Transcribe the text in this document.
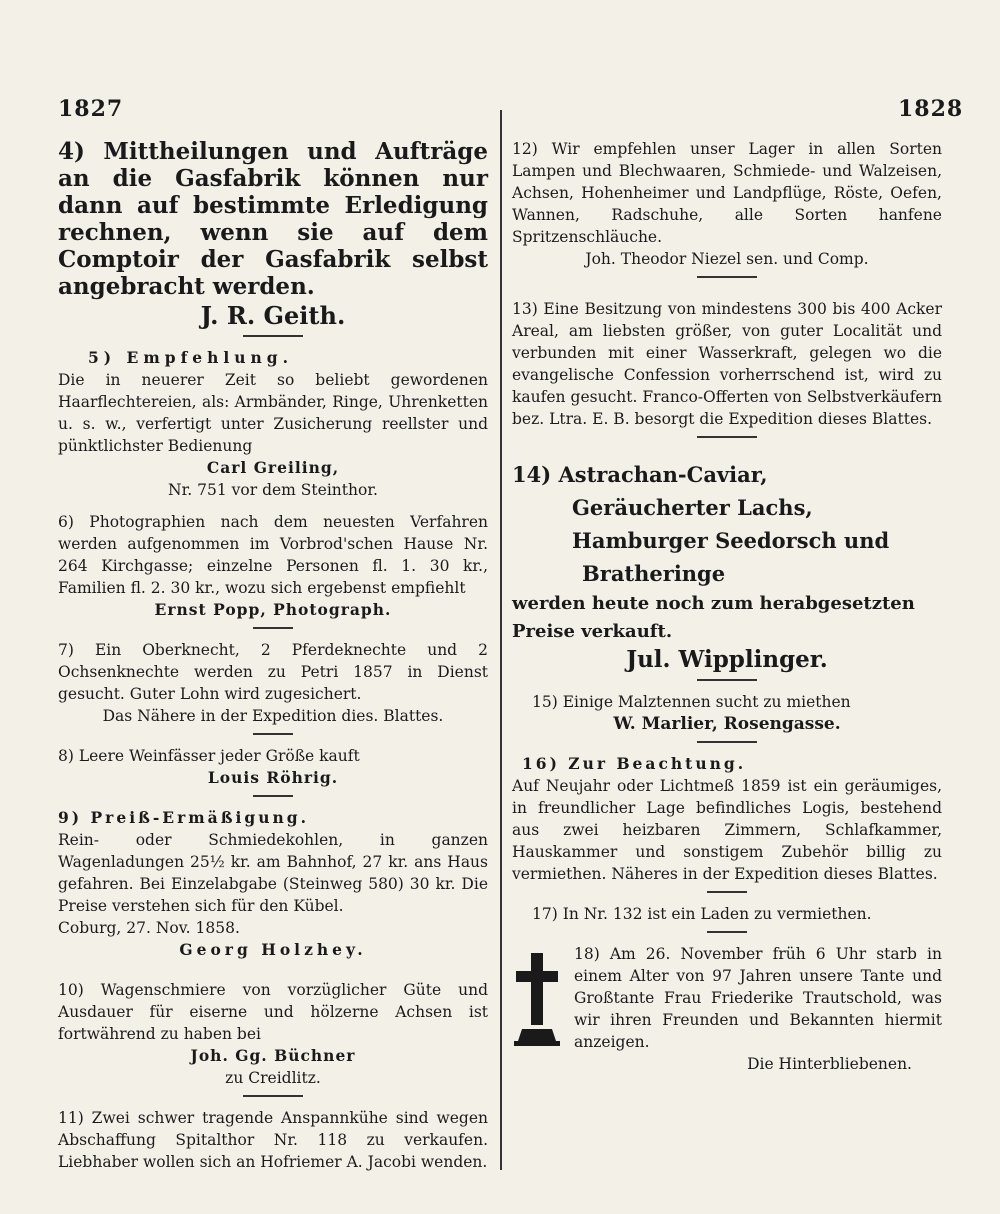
1827	1828
4) Mittheilungen und Aufträge an die Gasfabrik können nur dann auf bestimmte Erledigung rechnen, wenn sie auf dem Comptoir der Gasfabrik selbst angebracht werden.
J. R. Geith.
5) Empfehlung.
Die in neuerer Zeit so beliebt gewordenen Haarflechtereien, als: Armbänder, Ringe, Uhrenketten u. s. w., verfertigt unter Zusicherung reellster und pünktlichster Bedienung
Carl Greiling,
Nr. 751 vor dem Steinthor.
6) Photographien nach dem neuesten Verfahren werden aufgenommen im Vorbrod'schen Hause Nr. 264 Kirchgasse; einzelne Personen fl. 1. 30 kr., Familien fl. 2. 30 kr., wozu sich ergebenst empfiehlt
Ernst Popp, Photograph.
7) Ein Oberknecht, 2 Pferdeknechte und 2 Ochsenknechte werden zu Petri 1857 in Dienst gesucht. Guter Lohn wird zugesichert.
Das Nähere in der Expedition dies. Blattes.
8) Leere Weinfässer jeder Größe kauft
Louis Röhrig.
9) Preiß-Ermäßigung.
Rein- oder Schmiedekohlen, in ganzen Wagenladungen 25½ kr. am Bahnhof, 27 kr. ans Haus gefahren. Bei Einzelabgabe (Steinweg 580) 30 kr. Die Preise verstehen sich für den Kübel.
Coburg, 27. Nov. 1858.
Georg Holzhey.
10) Wagenschmiere von vorzüglicher Güte und Ausdauer für eiserne und hölzerne Achsen ist fortwährend zu haben bei
Joh. Gg. Büchner
zu Creidlitz.
11) Zwei schwer tragende Anspannkühe sind wegen Abschaffung Spitalthor Nr. 118 zu verkaufen. Liebhaber wollen sich an Hofriemer A. Jacobi wenden.
12) Wir empfehlen unser Lager in allen Sorten Lampen und Blechwaaren, Schmiede- und Walzeisen, Achsen, Hohenheimer und Landpflüge, Röste, Oefen, Wannen, Radschuhe, alle Sorten hanfene Spritzenschläuche.
Joh. Theodor Niezel sen. und Comp.
13) Eine Besitzung von mindestens 300 bis 400 Acker Areal, am liebsten größer, von guter Localität und verbunden mit einer Wasserkraft, gelegen wo die evangelische Confession vorherrschend ist, wird zu kaufen gesucht. Franco-Offerten von Selbstverkäufern bez. Ltra. E. B. besorgt die Expedition dieses Blattes.
14) Astrachan-Caviar,
Geräucherter Lachs,
Hamburger Seedorsch und
Bratheringe
werden heute noch zum herabgesetzten
Preise verkauft.
Jul. Wipplinger.
15) Einige Malztennen sucht zu miethen
W. Marlier, Rosengasse.
16) Zur Beachtung.
Auf Neujahr oder Lichtmeß 1859 ist ein geräumiges, in freundlicher Lage befindliches Logis, bestehend aus zwei heizbaren Zimmern, Schlafkammer, Hauskammer und sonstigem Zubehör billig zu vermiethen. Näheres in der Expedition dieses Blattes.
17) In Nr. 132 ist ein Laden zu vermiethen.
18) Am 26. November früh 6 Uhr starb in einem Alter von 97 Jahren unsere Tante und Großtante Frau Friederike Trautschold, was wir ihren Freunden und Bekannten hiermit anzeigen.
Die Hinterbliebenen.
